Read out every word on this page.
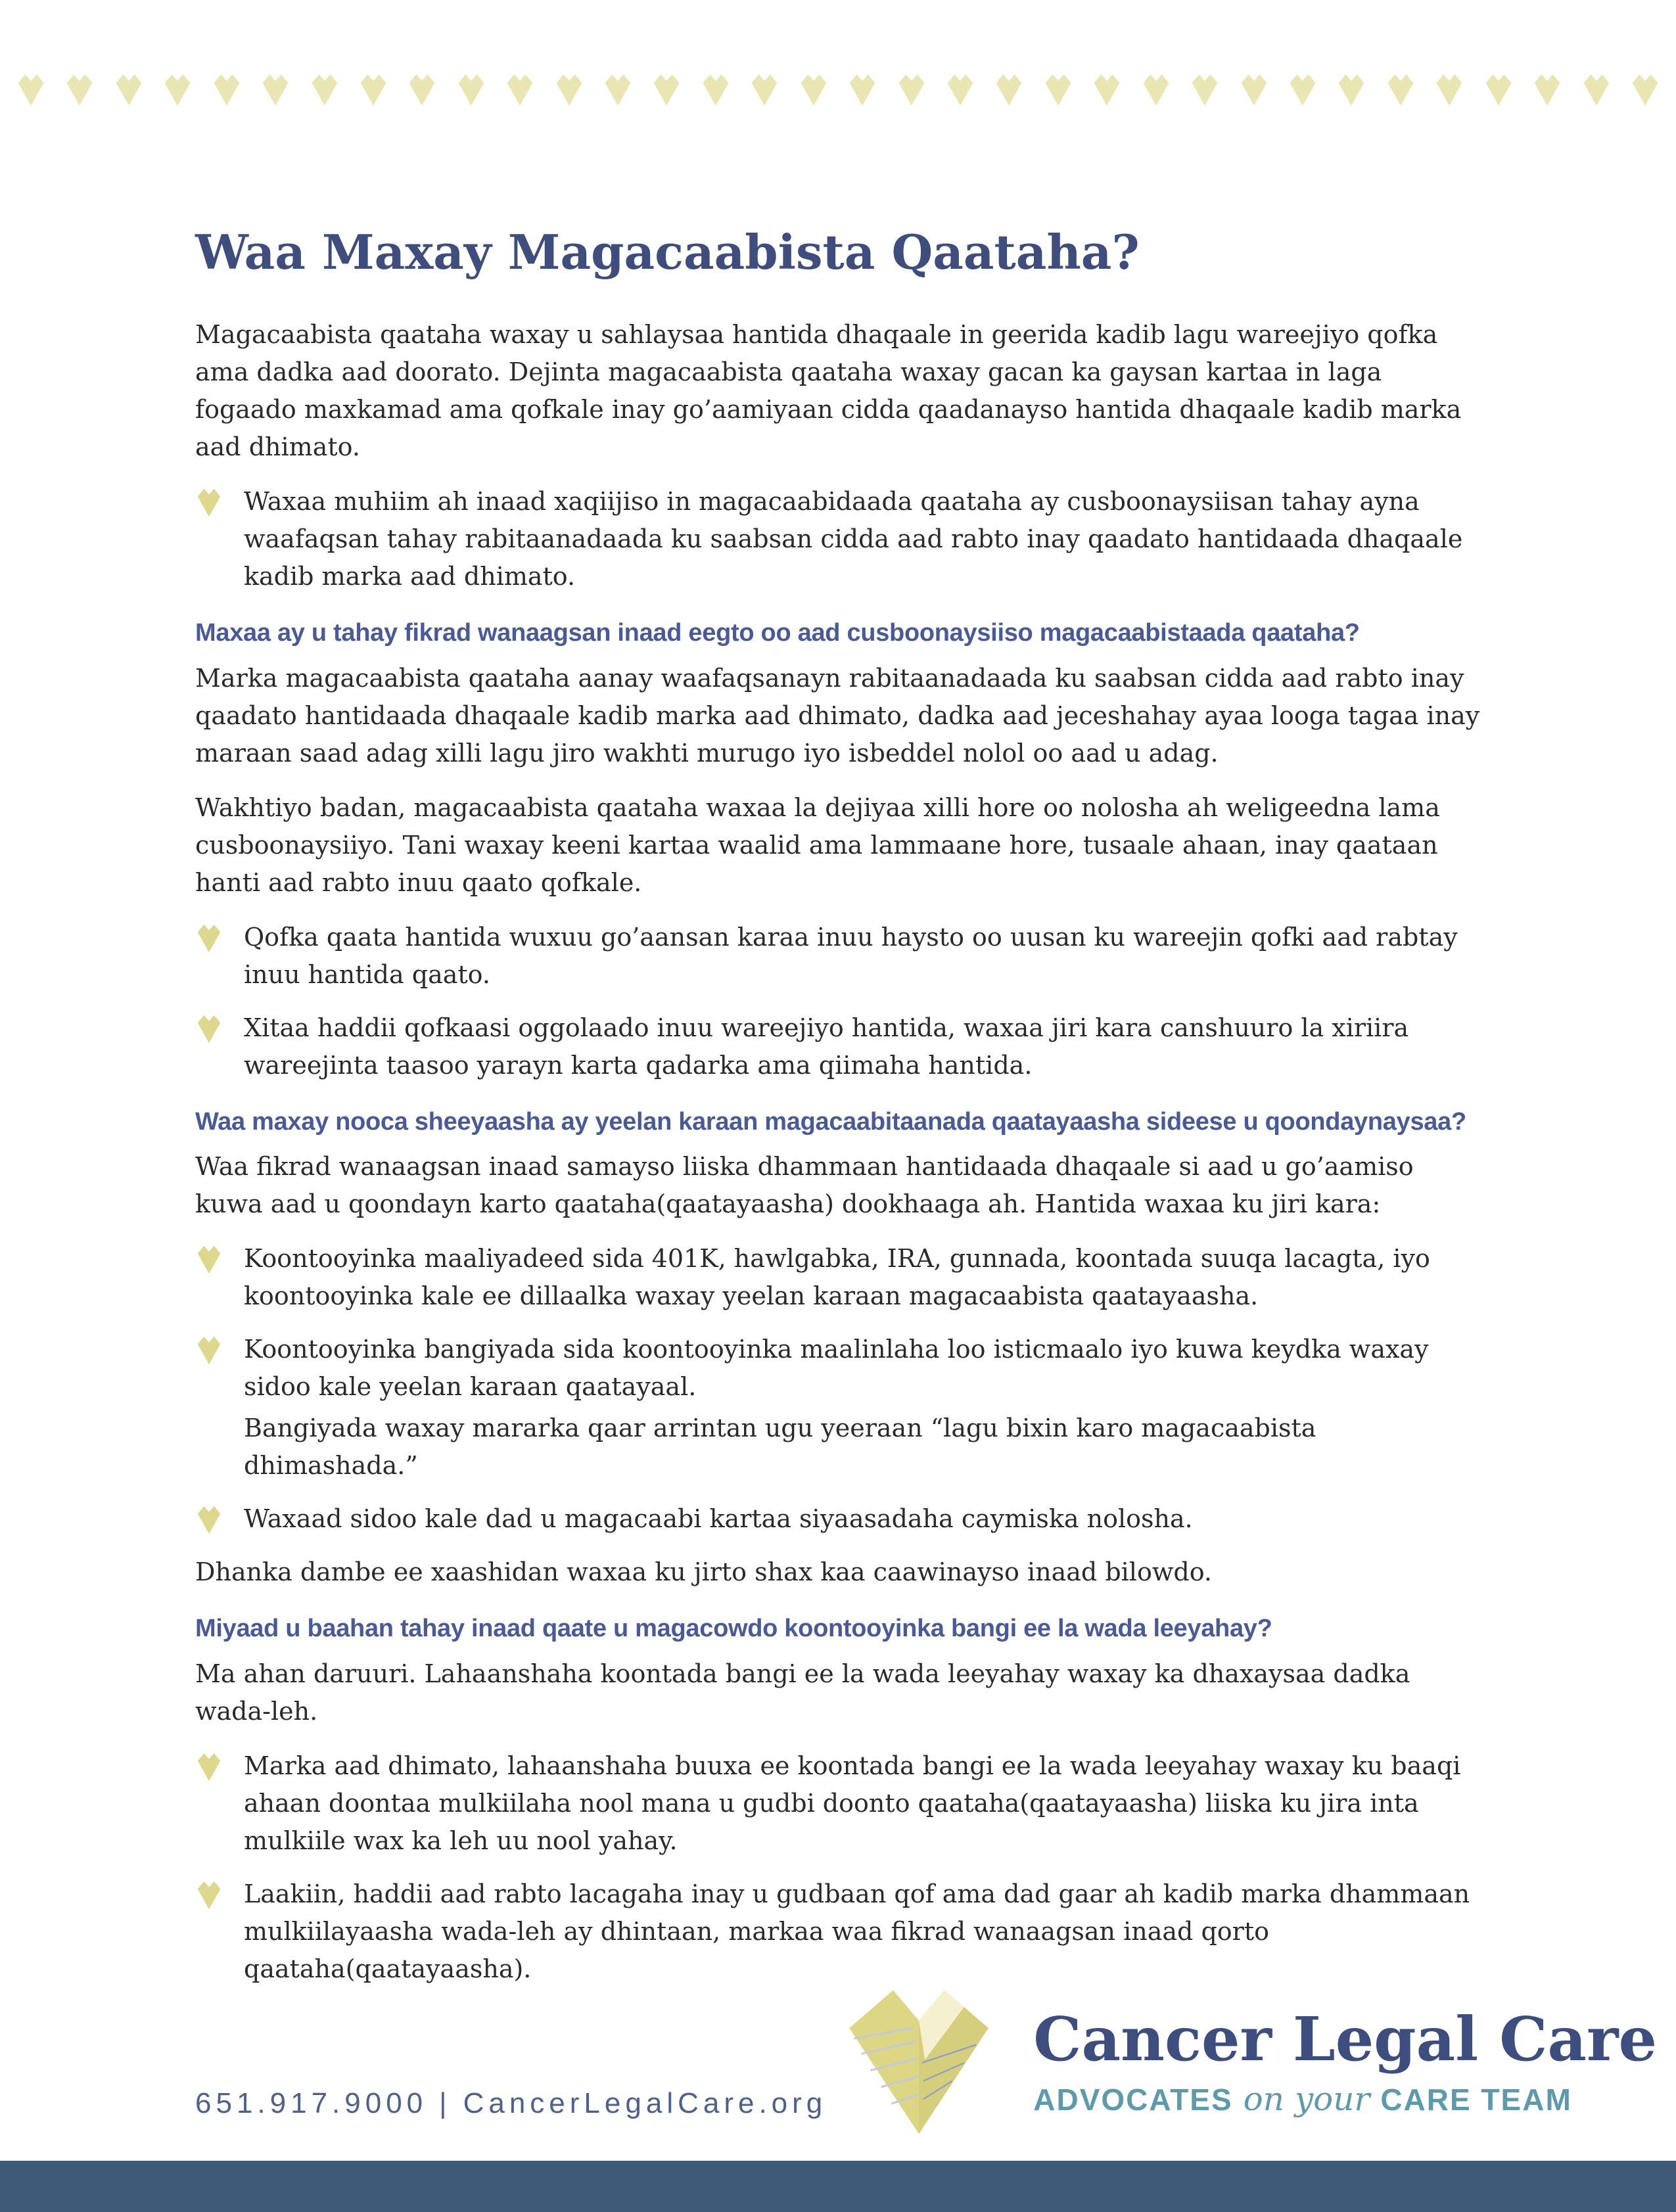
Waa Maxay Magacaabista Qaataha?

Magacaabista qaataha waxay u sahlaysaa hantida dhaqaale in geerida kadib lagu wareejiyo qofka ama dadka aad doorato. Dejinta magacaabista qaataha waxay gacan ka gaysan kartaa in laga fogaado maxkamad ama qofkale inay go’aamiyaan cidda qaadanayso hantida dhaqaale kadib marka aad dhimato.

Waxaa muhiim ah inaad xaqiijiso in magacaabidaada qaataha ay cusboonaysiisan tahay ayna waafaqsan tahay rabitaanadaada ku saabsan cidda aad rabto inay qaadato hantidaada dhaqaale kadib marka aad dhimato.

Maxaa ay u tahay fikrad wanaagsan inaad eegto oo aad cusboonaysiiso magacaabistaada qaataha?

Marka magacaabista qaataha aanay waafaqsanayn rabitaanadaada ku saabsan cidda aad rabto inay qaadato hantidaada dhaqaale kadib marka aad dhimato, dadka aad jeceshahay ayaa looga tagaa inay maraan saad adag xilli lagu jiro wakhti murugo iyo isbeddel nolol oo aad u adag.

Wakhtiyo badan, magacaabista qaataha waxaa la dejiyaa xilli hore oo nolosha ah weligeedna lama cusboonaysiiyo. Tani waxay keeni kartaa waalid ama lammaane hore, tusaale ahaan, inay qaataan hanti aad rabto inuu qaato qofkale.

Qofka qaata hantida wuxuu go’aansan karaa inuu haysto oo uusan ku wareejin qofki aad rabtay inuu hantida qaato.

Xitaa haddii qofkaasi oggolaado inuu wareejiyo hantida, waxaa jiri kara canshuuro la xiriira wareejinta taasoo yarayn karta qadarka ama qiimaha hantida.

Waa maxay nooca sheeyaasha ay yeelan karaan magacaabitaanada qaatayaasha sideese u qoondaynaysaa?

Waa fikrad wanaagsan inaad samayso liiska dhammaan hantidaada dhaqaale si aad u go’aamiso kuwa aad u qoondayn karto qaataha(qaatayaasha) dookhaaga ah. Hantida waxaa ku jiri kara:

Koontooyinka maaliyadeed sida 401K, hawlgabka, IRA, gunnada, koontada suuqa lacagta, iyo koontooyinka kale ee dillaalka waxay yeelan karaan magacaabista qaatayaasha.

Koontooyinka bangiyada sida koontooyinka maalinlaha loo isticmaalo iyo kuwa keydka waxay sidoo kale yeelan karaan qaatayaal.

Bangiyada waxay mararka qaar arrintan ugu yeeraan “lagu bixin karo magacaabista dhimashada.”

Waxaad sidoo kale dad u magacaabi kartaa siyaasadaha caymiska nolosha.

Dhanka dambe ee xaashidan waxaa ku jirto shax kaa caawinayso inaad bilowdo.

Miyaad u baahan tahay inaad qaate u magacowdo koontooyinka bangi ee la wada leeyahay?

Ma ahan daruuri. Lahaanshaha koontada bangi ee la wada leeyahay waxay ka dhaxaysaa dadka wada-leh.

Marka aad dhimato, lahaanshaha buuxa ee koontada bangi ee la wada leeyahay waxay ku baaqi ahaan doontaa mulkiilaha nool mana u gudbi doonto qaataha(qaatayaasha) liiska ku jira inta mulkiile wax ka leh uu nool yahay.

Laakiin, haddii aad rabto lacagaha inay u gudbaan qof ama dad gaar ah kadib marka dhammaan mulkiilayaasha wada-leh ay dhintaan, markaa waa fikrad wanaagsan inaad qorto qaataha(qaatayaasha).

651.917.9000 | CancerLegalCare.org
Cancer Legal Care
ADVOCATES on your CARE TEAM
